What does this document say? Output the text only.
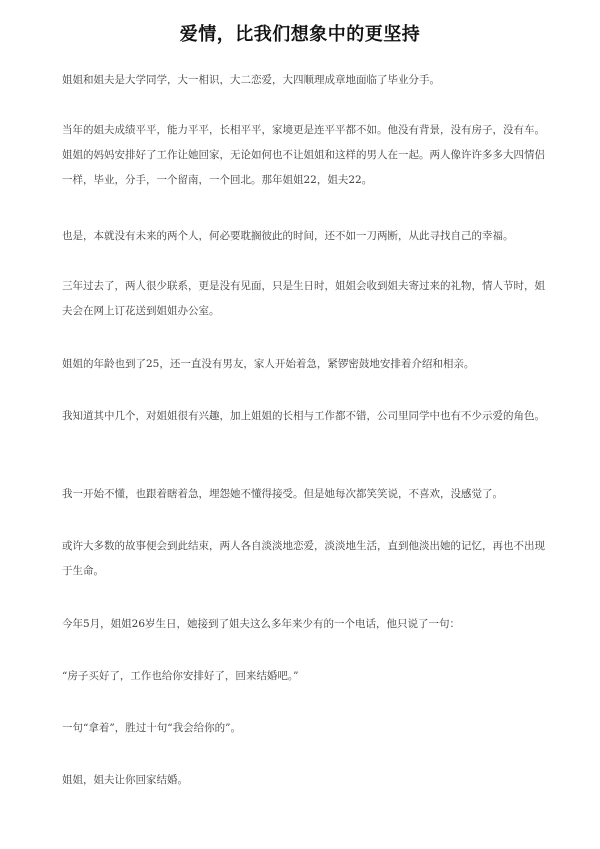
爱情，比我们想象中的更坚持

姐姐和姐夫是大学同学，大一相识，大二恋爱，大四顺理成章地面临了毕业分手。

当年的姐夫成绩平平，能力平平，长相平平，家境更是连平平都不如。他没有背景，没有房子，没有车。姐姐的妈妈安排好了工作让她回家，无论如何也不让姐姐和这样的男人在一起。两人像许许多多大四情侣一样，毕业，分手，一个留南，一个回北。那年姐姐22，姐夫22。

也是，本就没有未来的两个人，何必要耽搁彼此的时间，还不如一刀两断，从此寻找自己的幸福。

三年过去了，两人很少联系，更是没有见面，只是生日时，姐姐会收到姐夫寄过来的礼物，情人节时，姐夫会在网上订花送到姐姐办公室。

姐姐的年龄也到了25，还一直没有男友，家人开始着急，紧锣密鼓地安排着介绍和相亲。

我知道其中几个，对姐姐很有兴趣，加上姐姐的长相与工作都不错，公司里同学中也有不少示爱的角色。

我一开始不懂，也跟着瞎着急，埋怨她不懂得接受。但是她每次都笑笑说，不喜欢，没感觉了。

或许大多数的故事便会到此结束，两人各自淡淡地恋爱，淡淡地生活，直到他淡出她的记忆，再也不出现于生命。

今年5月，姐姐26岁生日，她接到了姐夫这么多年来少有的一个电话，他只说了一句：

“房子买好了，工作也给你安排好了，回来结婚吧。”

一句“拿着”，胜过十句“我会给你的”。

姐姐，姐夫让你回家结婚。
